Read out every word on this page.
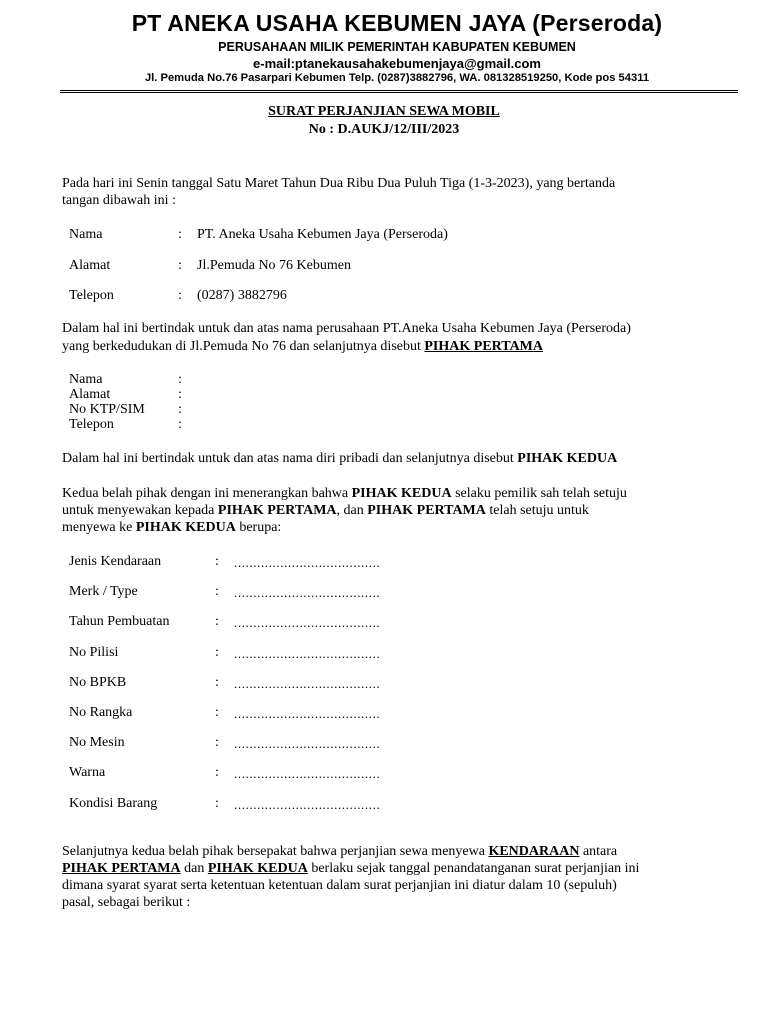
PT ANEKA USAHA KEBUMEN JAYA (Perseroda)
PERUSAHAAN MILIK PEMERINTAH KABUPATEN KEBUMEN
e-mail:ptanekausahakebumenjaya@gmail.com
Jl. Pemuda No.76 Pasarpari Kebumen Telp. (0287)3882796, WA. 081328519250, Kode pos 54311
SURAT PERJANJIAN SEWA MOBIL
No : D.AUKJ/12/III/2023
Pada hari ini Senin tanggal Satu Maret Tahun Dua Ribu Dua Puluh Tiga (1-3-2023), yang bertanda
tangan dibawah ini :
Nama	: PT. Aneka Usaha Kebumen Jaya (Perseroda)
Alamat	: Jl.Pemuda No 76 Kebumen
Telepon	: (0287) 3882796
Dalam hal ini bertindak untuk dan atas nama perusahaan PT.Aneka Usaha Kebumen Jaya (Perseroda)
yang berkedudukan di Jl.Pemuda No 76 dan selanjutnya disebut PIHAK PERTAMA
Nama	:
Alamat	:
No KTP/SIM :
Telepon	:
Dalam hal ini bertindak untuk dan atas nama diri pribadi dan selanjutnya disebut PIHAK KEDUA
Kedua belah pihak dengan ini menerangkan bahwa PIHAK KEDUA selaku pemilik sah telah setuju
untuk menyewakan kepada PIHAK PERTAMA, dan PIHAK PERTAMA telah setuju untuk
menyewa ke PIHAK KEDUA berupa:
Jenis Kendaraan	: ......................................
Merk / Type	: ......................................
Tahun Pembuatan	: ......................................
No Pilisi	: ......................................
No BPKB	: ......................................
No Rangka	: ......................................
No Mesin	: ......................................
Warna	: ......................................
Kondisi Barang	: ......................................
Selanjutnya kedua belah pihak bersepakat bahwa perjanjian sewa menyewa KENDARAAN antara
PIHAK PERTAMA dan PIHAK KEDUA berlaku sejak tanggal penandatanganan surat perjanjian ini
dimana syarat syarat serta ketentuan ketentuan dalam surat perjanjian ini diatur dalam 10 (sepuluh)
pasal, sebagai berikut :
